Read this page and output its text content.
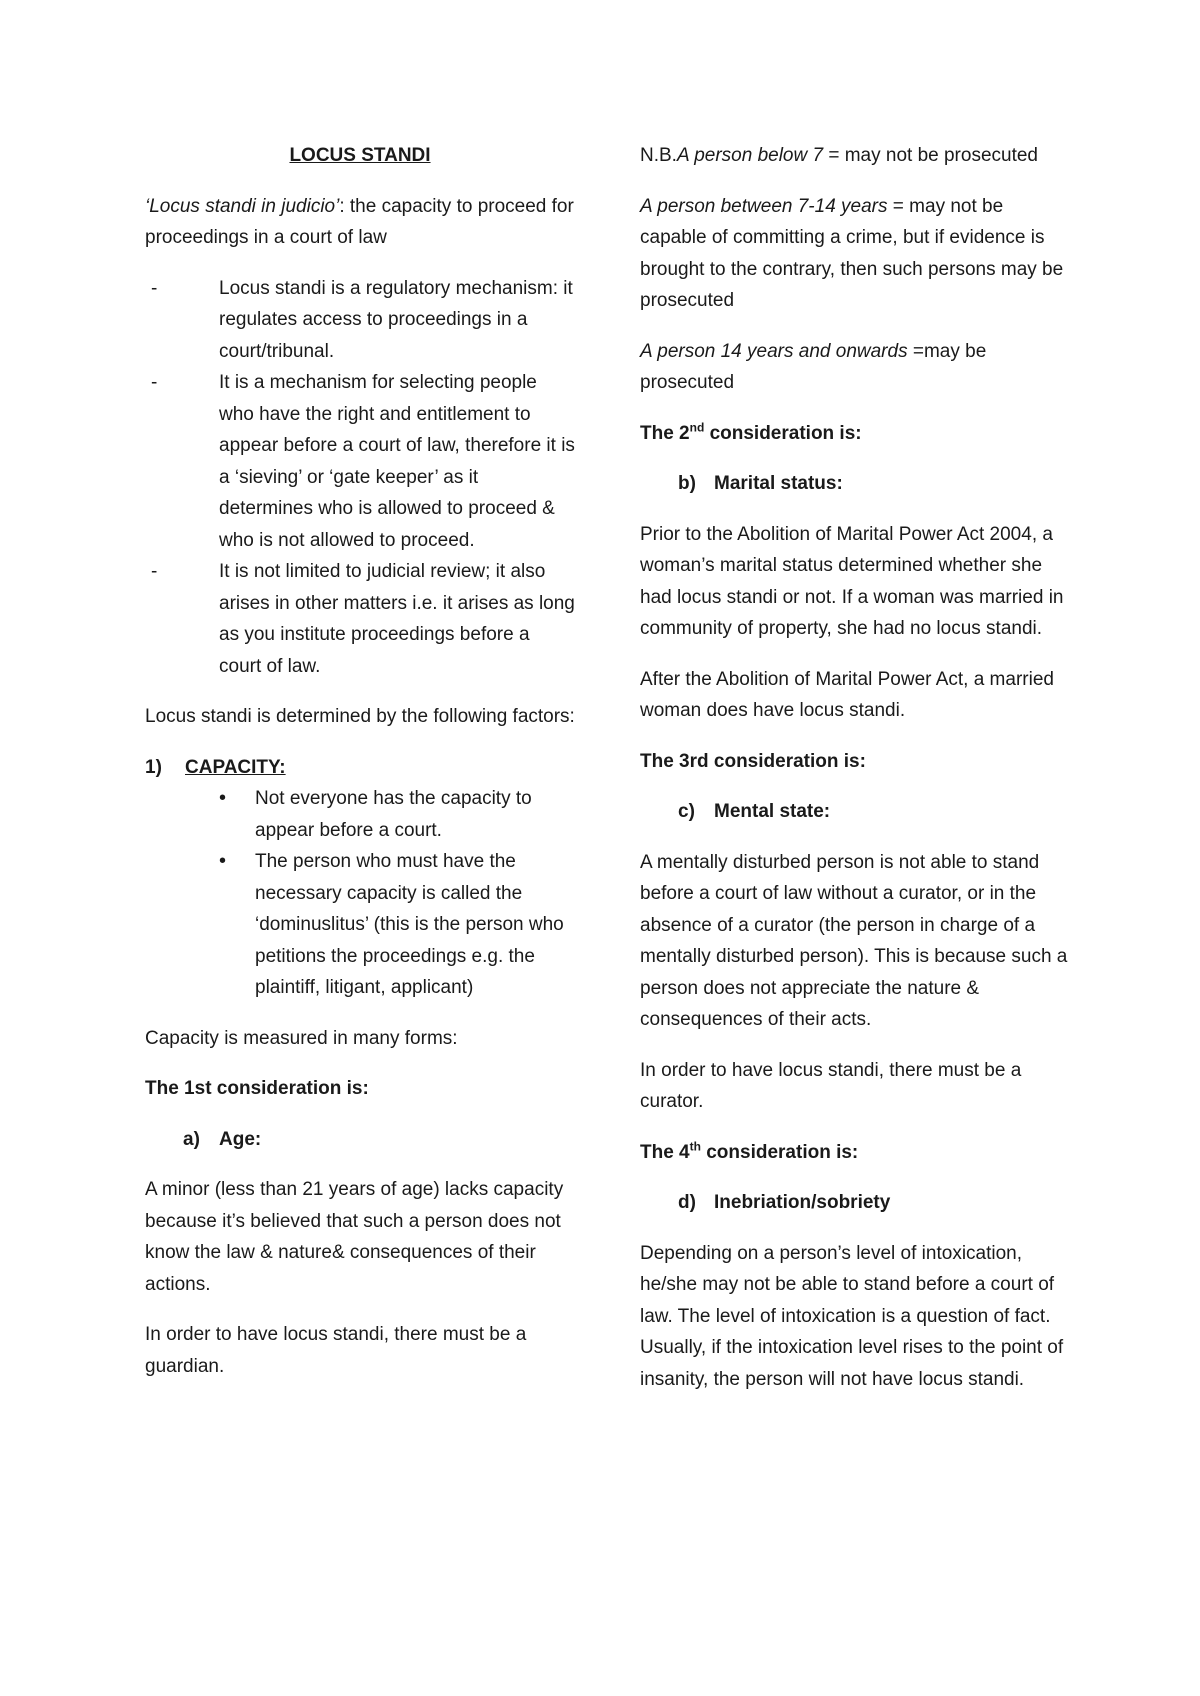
LOCUS STANDI

‘Locus standi in judicio’: the capacity to proceed for proceedings in a court of law

- Locus standi is a regulatory mechanism: it regulates access to proceedings in a court/tribunal.
- It is a mechanism for selecting people who have the right and entitlement to appear before a court of law, therefore it is a ‘sieving’ or ‘gate keeper’ as it determines who is allowed to proceed & who is not allowed to proceed.
- It is not limited to judicial review; it also arises in other matters i.e. it arises as long as you institute proceedings before a court of law.

Locus standi is determined by the following factors:

1) CAPACITY:

• Not everyone has the capacity to appear before a court.
• The person who must have the necessary capacity is called the ‘dominuslitus’ (this is the person who petitions the proceedings e.g. the plaintiff, litigant, applicant)

Capacity is measured in many forms:

The 1st consideration is:

a) Age:

A minor (less than 21 years of age) lacks capacity because it’s believed that such a person does not know the law & nature& consequences of their actions.

In order to have locus standi, there must be a guardian.

N.B.A person below 7 = may not be prosecuted

A person between 7-14 years = may not be capable of committing a crime, but if evidence is brought to the contrary, then such persons may be prosecuted

A person 14 years and onwards =may be prosecuted

The 2nd consideration is:

b) Marital status:

Prior to the Abolition of Marital Power Act 2004, a woman’s marital status determined whether she had locus standi or not. If a woman was married in community of property, she had no locus standi.

After the Abolition of Marital Power Act, a married woman does have locus standi.

The 3rd consideration is:

c) Mental state:

A mentally disturbed person is not able to stand before a court of law without a curator, or in the absence of a curator (the person in charge of a mentally disturbed person). This is because such a person does not appreciate the nature & consequences of their acts.

In order to have locus standi, there must be a curator.

The 4th consideration is:

d) Inebriation/sobriety

Depending on a person’s level of intoxication, he/she may not be able to stand before a court of law. The level of intoxication is a question of fact. Usually, if the intoxication level rises to the point of insanity, the person will not have locus standi.
